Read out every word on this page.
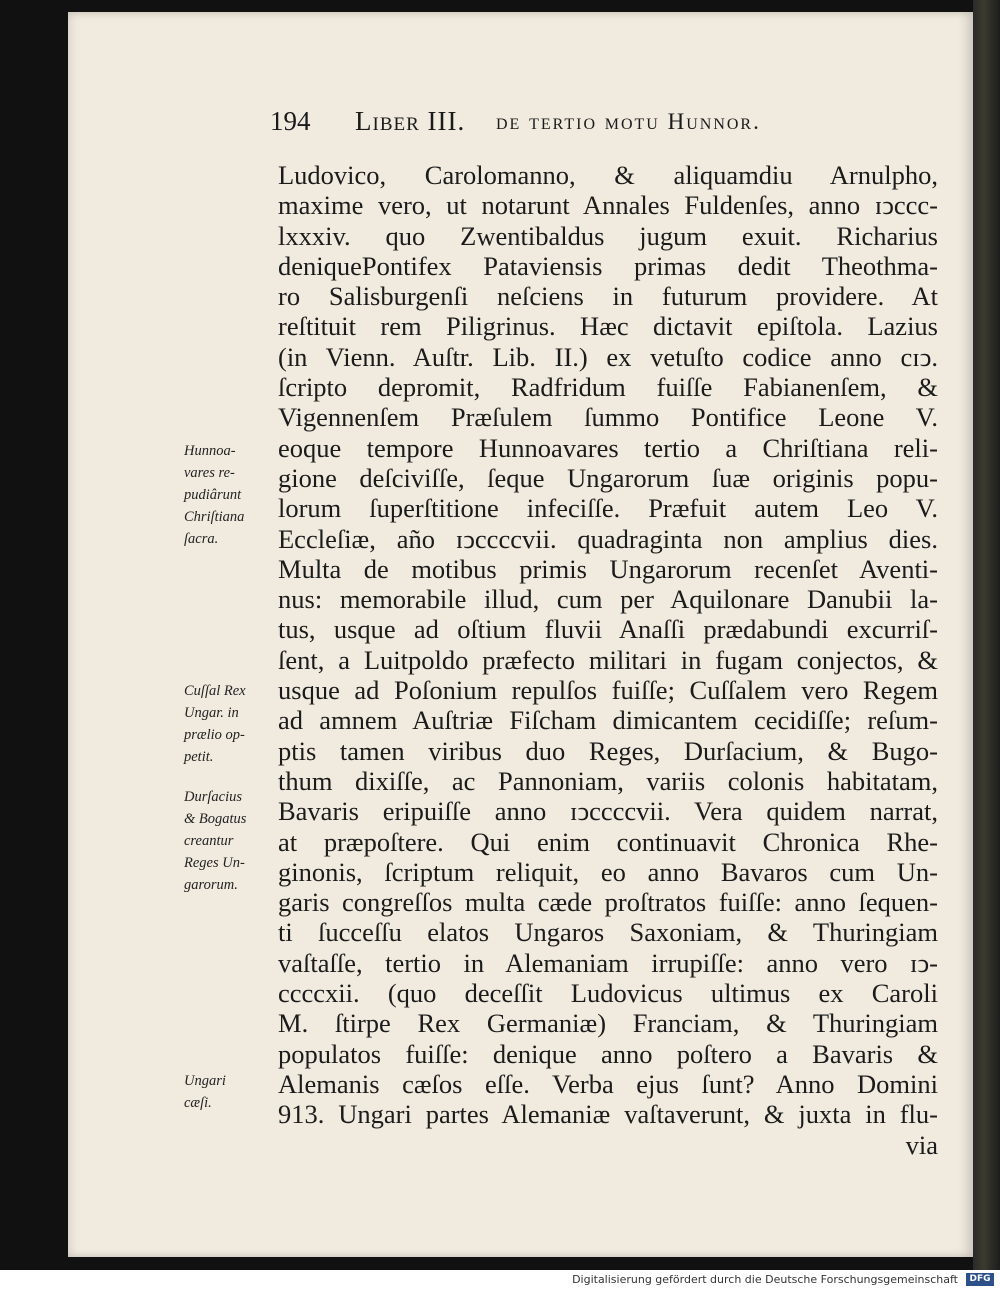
194 Liber III. de tertio motu Hunnor.
Ludovico, Carolomanno, & aliquamdiu Arnulpho,
maxime vero, ut notarunt Annales Fuldenſes, anno ɪↄccc-
lxxxiv. quo Zwentibaldus jugum exuit. Richarius
deniquePontifex Pataviensis primas dedit Theothma-
ro Salisburgenſi neſciens in futurum providere. At
reſtituit rem Piligrinus. Hæc dictavit epiſtola. Lazius
(in Vienn. Auſtr. Lib. II.) ex vetuſto codice anno cɪↄ.
ſcripto depromit, Radfridum fuiſſe Fabianenſem, &
Vigennenſem Præſulem ſummo Pontifice Leone V.
eoque tempore Hunnoavares tertio a Chriſtiana reli-
gione deſciviſſe, ſeque Ungarorum ſuæ originis popu-
lorum ſuperſtitione infeciſſe. Præfuit autem Leo V.
Eccleſiæ, año ɪↄccccvii. quadraginta non amplius dies.
Multa de motibus primis Ungarorum recenſet Aventi-
nus: memorabile illud, cum per Aquilonare Danubii la-
tus, usque ad oſtium fluvii Anaſſi prædabundi excurriſ-
ſent, a Luitpoldo præfecto militari in fugam conjectos, &
usque ad Poſonium repulſos fuiſſe; Cuſſalem vero Regem
ad amnem Auſtriæ Fiſcham dimicantem cecidiſſe; reſum-
ptis tamen viribus duo Reges, Durſacium, & Bugo-
thum dixiſſe, ac Pannoniam, variis colonis habitatam,
Bavaris eripuiſſe anno ɪↄccccvii. Vera quidem narrat,
at præpoſtere. Qui enim continuavit Chronica Rhe-
ginonis, ſcriptum reliquit, eo anno Bavaros cum Un-
garis congreſſos multa cæde proſtratos fuiſſe: anno ſequen-
ti ſucceſſu elatos Ungaros Saxoniam, & Thuringiam
vaſtaſſe, tertio in Alemaniam irrupiſſe: anno vero ɪↄ-
ccccxii. (quo deceſſit Ludovicus ultimus ex Caroli
M. ſtirpe Rex Germaniæ) Franciam, & Thuringiam
populatos fuiſſe: denique anno poſtero a Bavaris &
Alemanis cæſos eſſe. Verba ejus ſunt? Anno Domini
913. Ungari partes Alemaniæ vaſtaverunt, & juxta in flu-
via
Hunnoa-
vares re-
pudiârunt
Chriſtiana
ſacra.
Cuſſal Rex
Ungar. in
prælio op-
petit.
Durſacius
& Bogatus
creantur
Reges Un-
garorum.
Ungari
cæſi.
Digitalisierung gefördert durch die Deutsche Forschungsgemeinschaft	DFG
